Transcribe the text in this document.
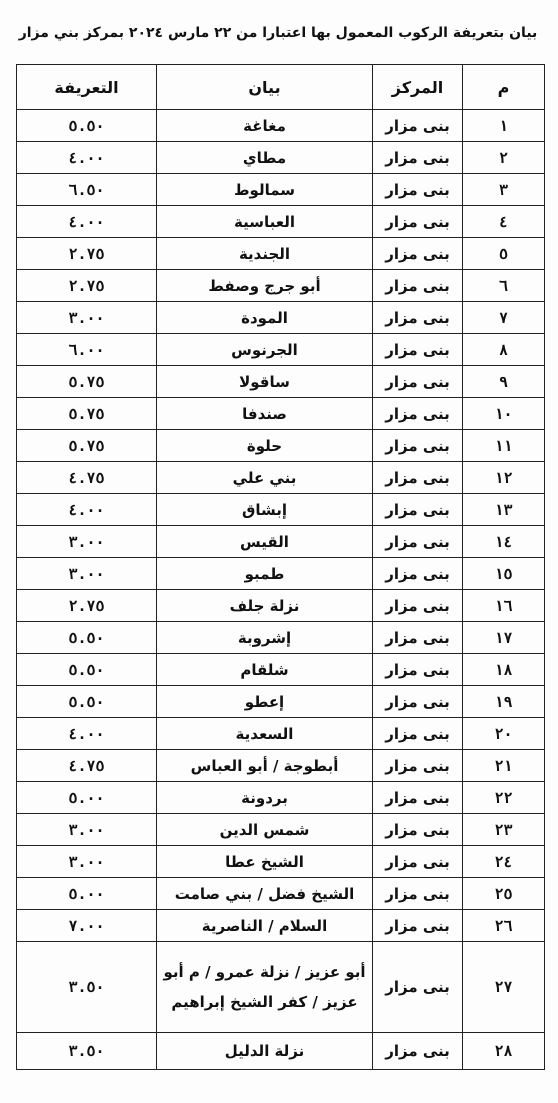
بيان بتعريفة الركوب المعمول بها اعتبارا من ٢٢ مارس ٢٠٢٤ بمركز بني مزار
م	المركز	بيان	التعريفة
١	بنى مزار	مغاغة	٥.٥٠
٢	بنى مزار	مطاي	٤.٠٠
٣	بنى مزار	سمالوط	٦.٥٠
٤	بنى مزار	العباسية	٤.٠٠
٥	بنى مزار	الجندية	٢.٧٥
٦	بنى مزار	أبو جرج وصفط	٢.٧٥
٧	بنى مزار	المودة	٣.٠٠
٨	بنى مزار	الجرنوس	٦.٠٠
٩	بنى مزار	ساقولا	٥.٧٥
١٠	بنى مزار	صندفا	٥.٧٥
١١	بنى مزار	حلوة	٥.٧٥
١٢	بنى مزار	بني علي	٤.٧٥
١٣	بنى مزار	إبشاق	٤.٠٠
١٤	بنى مزار	القيس	٣.٠٠
١٥	بنى مزار	طمبو	٣.٠٠
١٦	بنى مزار	نزلة جلف	٢.٧٥
١٧	بنى مزار	إشروبة	٥.٥٠
١٨	بنى مزار	شلقام	٥.٥٠
١٩	بنى مزار	إعطو	٥.٥٠
٢٠	بنى مزار	السعدية	٤.٠٠
٢١	بنى مزار	أبطوجة / أبو العباس	٤.٧٥
٢٢	بنى مزار	بردونة	٥.٠٠
٢٣	بنى مزار	شمس الدين	٣.٠٠
٢٤	بنى مزار	الشيخ عطا	٣.٠٠
٢٥	بنى مزار	الشيخ فضل / بني صامت	٥.٠٠
٢٦	بنى مزار	السلام / الناصرية	٧.٠٠
٢٧	بنى مزار	أبو عزيز / نزلة عمرو / م أبو عزيز / كفر الشيخ إبراهيم	٣.٥٠
٢٨	بنى مزار	نزلة الدليل	٣.٥٠
